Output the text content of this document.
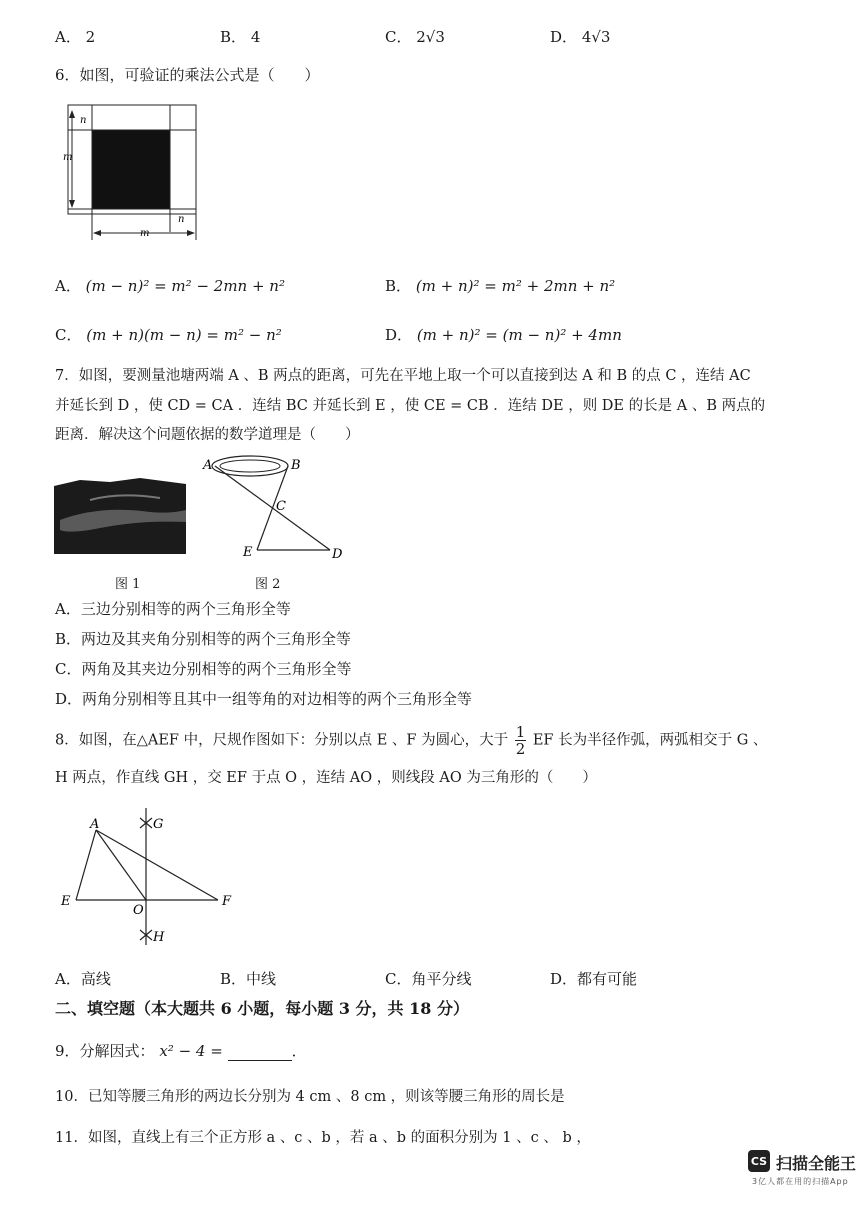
A． 2	B． 4	C． 2√3	D． 4√3
6．如图，可验证的乘法公式是（　　）
n
m
n
m
A． (m − n)² = m² − 2mn + n²	B． (m + n)² = m² + 2mn + n²
C． (m + n)(m − n) = m² − n²	D． (m + n)² = (m − n)² + 4mn
7．如图，要测量池塘两端 A 、B 两点的距离，可先在平地上取一个可以直接到达 A 和 B 的点 C ，连结 AC
并延长到 D ，使 CD = CA ．连结 BC 并延长到 E ，使 CE = CB ．连结 DE ，则 DE 的长是 A 、B 两点的
距离．解决这个问题依据的数学道理是（　　）
A	B
C
D
E
图 1	图 2
A．三边分别相等的两个三角形全等
B．两边及其夹角分别相等的两个三角形全等
C．两角及其夹边分别相等的两个三角形全等
D．两角分别相等且其中一组等角的对边相等的两个三角形全等
8．如图，在△AEF 中，尺规作图如下：分别以点 E 、F 为圆心，大于 $\frac{1}{2}$ EF 长为半径作弧，两弧相交于 G 、
H 两点，作直线 GH ，交 EF 于点 O ，连结 AO ，则线段 AO 为三角形的（　　）
A	G
E
O
F
H
A．高线	B．中线	C．角平分线	D．都有可能
二、填空题（本大题共 6 小题，每小题 3 分，共 18 分）
9．分解因式： x² − 4 =	．
10．已知等腰三角形的两边长分别为 4 cm 、8 cm ，则该等腰三角形的周长是
11．如图，直线上有三个正方形 a 、c 、b ，若 a 、b 的面积分别为 1 、c 、 b ，
CS 扫描全能王
3亿人都在用的扫描App
